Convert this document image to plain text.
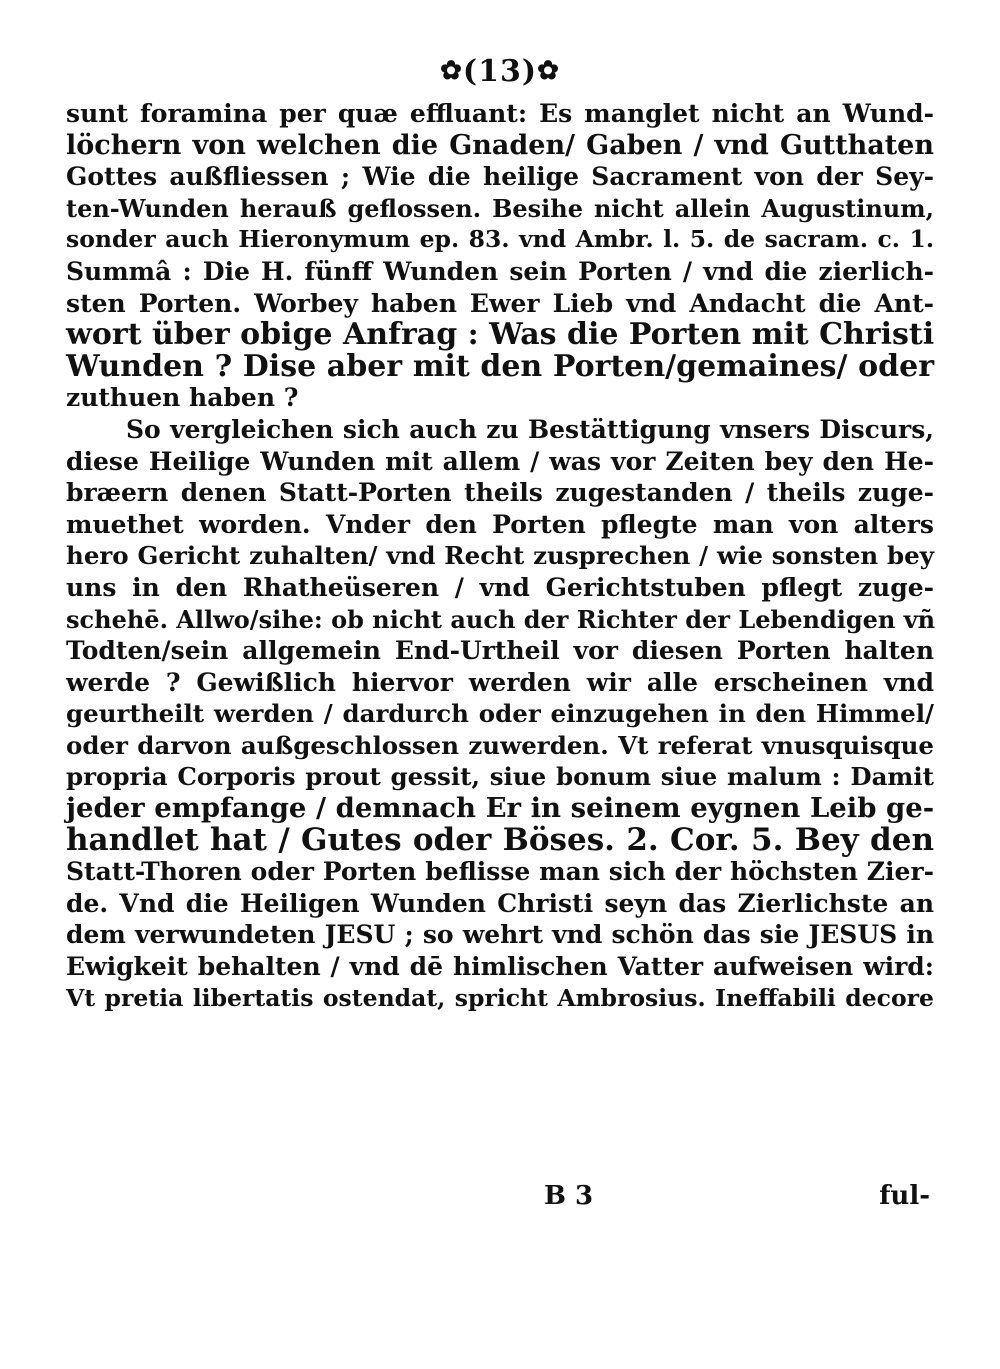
✿(13)✿
sunt foramina per quæ effluant: Es manglet nicht an Wund-
löchern von welchen die Gnaden/ Gaben / vnd Gutthaten
Gottes außfliessen ; Wie die heilige Sacrament von der Sey-
ten-Wunden herauß geflossen. Besihe nicht allein Augustinum,
sonder auch Hieronymum ep. 83. vnd Ambr. l. 5. de sacram. c. 1.
Summâ : Die H. fünff Wunden sein Porten / vnd die zierlich-
sten Porten. Worbey haben Ewer Lieb vnd Andacht die Ant-
wort über obige Anfrag : Was die Porten mit Christi
Wunden ? Dise aber mit den Porten/gemaines/ oder
zuthuen haben ?
So vergleichen sich auch zu Bestättigung vnsers Discurs,
diese Heilige Wunden mit allem / was vor Zeiten bey den He-
bræern denen Statt-Porten theils zugestanden / theils zuge-
muethet worden. Vnder den Porten pflegte man von alters
hero Gericht zuhalten/ vnd Recht zusprechen / wie sonsten bey
uns in den Rhatheüseren / vnd Gerichtstuben pflegt zuge-
schehē. Allwo/sihe: ob nicht auch der Richter der Lebendigen vñ
Todten/sein allgemein End-Urtheil vor diesen Porten halten
werde ? Gewißlich hiervor werden wir alle erscheinen vnd
geurtheilt werden / dardurch oder einzugehen in den Himmel/
oder darvon außgeschlossen zuwerden. Vt referat vnusquisque
propria Corporis prout gessit, siue bonum siue malum : Damit
jeder empfange / demnach Er in seinem eygnen Leib ge-
handlet hat / Gutes oder Böses. 2. Cor. 5. Bey den
Statt-Thoren oder Porten beflisse man sich der höchsten Zier-
de. Vnd die Heiligen Wunden Christi seyn das Zierlichste an
dem verwundeten JESU ; so wehrt vnd schön das sie JESUS in
Ewigkeit behalten / vnd dē himlischen Vatter aufweisen wird:
Vt pretia libertatis ostendat, spricht Ambrosius. Ineffabili decore
B 3	ful-
